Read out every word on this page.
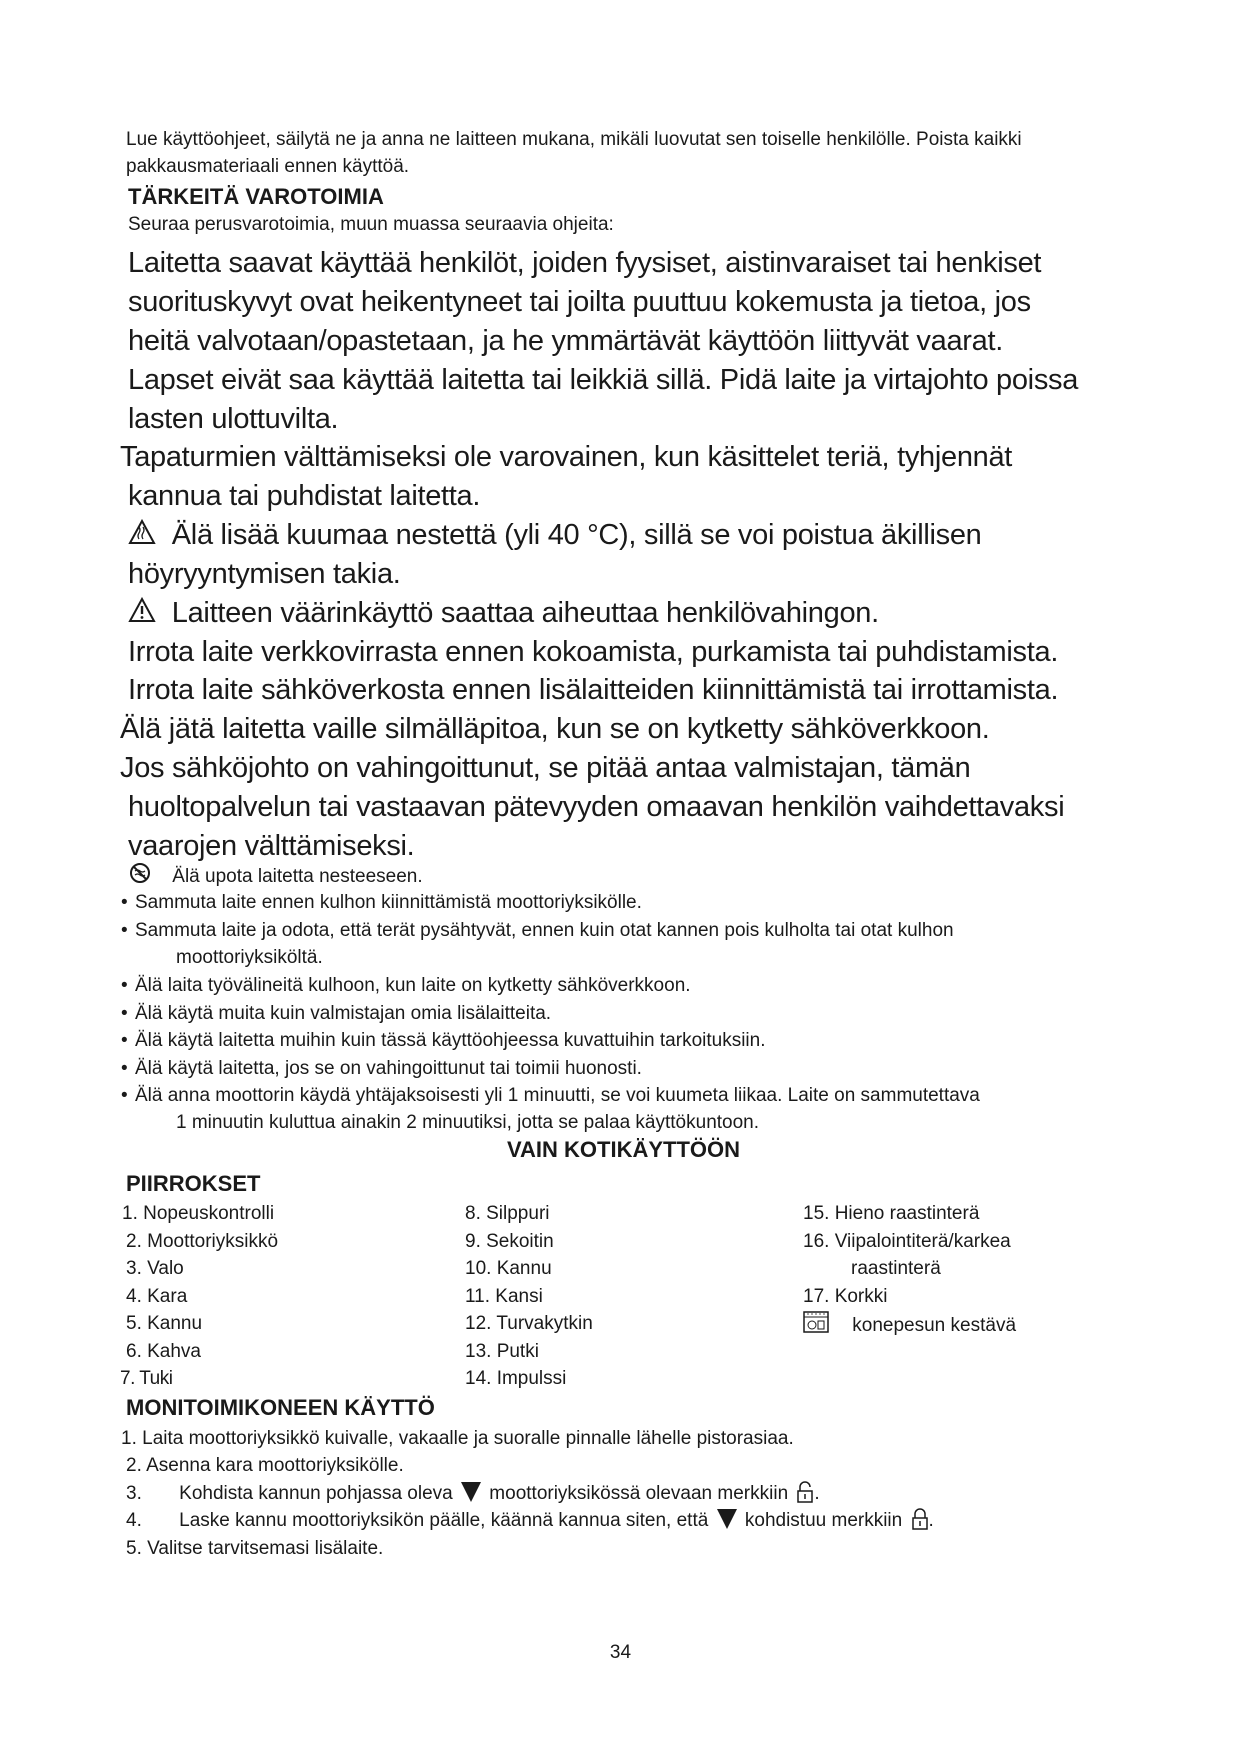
Lue käyttöohjeet, säilytä ne ja anna ne laitteen mukana, mikäli luovutat sen toiselle henkilölle. Poista kaikki
pakkausmateriaali ennen käyttöä.
TÄRKEITÄ VAROTOIMIA
Seuraa perusvarotoimia, muun muassa seuraavia ohjeita:
Laitetta saavat käyttää henkilöt, joiden fyysiset, aistinvaraiset tai henkiset
suorituskyvyt ovat heikentyneet tai joilta puuttuu kokemusta ja tietoa, jos
heitä valvotaan/opastetaan, ja he ymmärtävät käyttöön liittyvät vaarat.
Lapset eivät saa käyttää laitetta tai leikkiä sillä. Pidä laite ja virtajohto poissa
lasten ulottuvilta.
Tapaturmien välttämiseksi ole varovainen, kun käsittelet teriä, tyhjennät
kannua tai puhdistat laitetta.
Älä lisää kuumaa nestettä (yli 40 °C), sillä se voi poistua äkillisen
höyryyntymisen takia.
Laitteen väärinkäyttö saattaa aiheuttaa henkilövahingon.
Irrota laite verkkovirrasta ennen kokoamista, purkamista tai puhdistamista.
Irrota laite sähköverkosta ennen lisälaitteiden kiinnittämistä tai irrottamista.
Älä jätä laitetta vaille silmälläpitoa, kun se on kytketty sähköverkkoon.
Jos sähköjohto on vahingoittunut, se pitää antaa valmistajan, tämän
huoltopalvelun tai vastaavan pätevyyden omaavan henkilön vaihdettavaksi
vaarojen välttämiseksi.
Älä upota laitetta nesteeseen.
• Sammuta laite ennen kulhon kiinnittämistä moottoriyksikölle.
• Sammuta laite ja odota, että terät pysähtyvät, ennen kuin otat kannen pois kulholta tai otat kulhon
moottoriyksiköltä.
• Älä laita työvälineitä kulhoon, kun laite on kytketty sähköverkkoon.
• Älä käytä muita kuin valmistajan omia lisälaitteita.
• Älä käytä laitetta muihin kuin tässä käyttöohjeessa kuvattuihin tarkoituksiin.
• Älä käytä laitetta, jos se on vahingoittunut tai toimii huonosti.
• Älä anna moottorin käydä yhtäjaksoisesti yli 1 minuutti, se voi kuumeta liikaa. Laite on sammutettava
1 minuutin kuluttua ainakin 2 minuutiksi, jotta se palaa käyttökuntoon.
VAIN KOTIKÄYTTÖÖN
PIIRROKSET
1. Nopeuskontrolli
2. Moottoriyksikkö
3. Valo
4. Kara
5. Kannu
6. Kahva
7. Tuki
8. Silppuri
9. Sekoitin
10. Kannu
11. Kansi
12. Turvakytkin
13. Putki
14. Impulssi
15. Hieno raastinterä
16. Viipalointiterä/karkea
raastinterä
17. Korkki
konepesun kestävä
MONITOIMIKONEEN KÄYTTÖ
1. Laita moottoriyksikkö kuivalle, vakaalle ja suoralle pinnalle lähelle pistorasiaa.
2. Asenna kara moottoriyksikölle.
3. Kohdista kannun pohjassa oleva moottoriyksikössä olevaan merkkiin .
4. Laske kannu moottoriyksikön päälle, käännä kannua siten, että kohdistuu merkkiin .
5. Valitse tarvitsemasi lisälaite.
34
